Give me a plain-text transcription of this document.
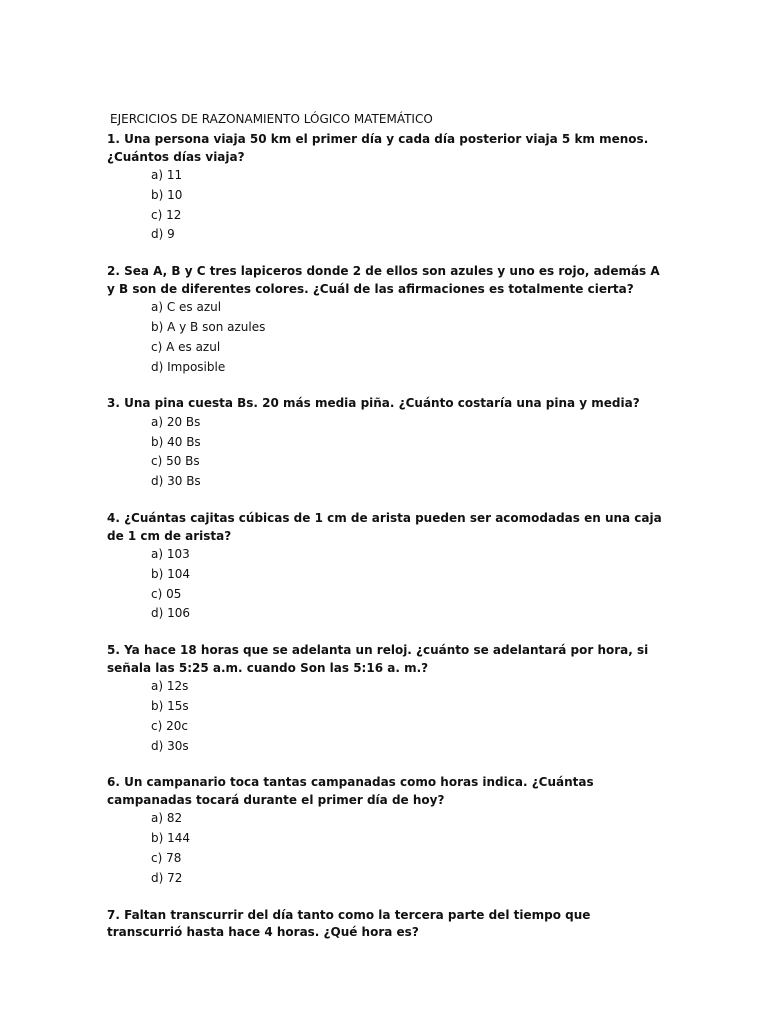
EJERCICIOS DE RAZONAMIENTO LÓGICO MATEMÁTICO

1. Una persona viaja 50 km el primer día y cada día posterior viaja 5 km menos. ¿Cuántos días viaja?

a) 11
b) 10
c) 12
d) 9

2. Sea A, B y C tres lapiceros donde 2 de ellos son azules y uno es rojo, además A y B son de diferentes colores. ¿Cuál de las afirmaciones es totalmente cierta?

a) C es azul
b) A y B son azules
c) A es azul
d) Imposible

3. Una pina cuesta Bs. 20 más media piña. ¿Cuánto costaría una pina y media?

a) 20 Bs
b) 40 Bs
c) 50 Bs
d) 30 Bs

4. ¿Cuántas cajitas cúbicas de 1 cm de arista pueden ser acomodadas en una caja de 1 cm de arista?

a) 103
b) 104
c) 05
d) 106

5. Ya hace 18 horas que se adelanta un reloj. ¿cuánto se adelantará por hora, si señala las 5:25 a.m. cuando Son las 5:16 a. m.?

a) 12s
b) 15s
c) 20c
d) 30s

6. Un campanario toca tantas campanadas como horas indica. ¿Cuántas campanadas tocará durante el primer día de hoy?

a) 82
b) 144
c) 78
d) 72

7. Faltan transcurrir del día tanto como la tercera parte del tiempo que transcurrió hasta hace 4 horas. ¿Qué hora es?
